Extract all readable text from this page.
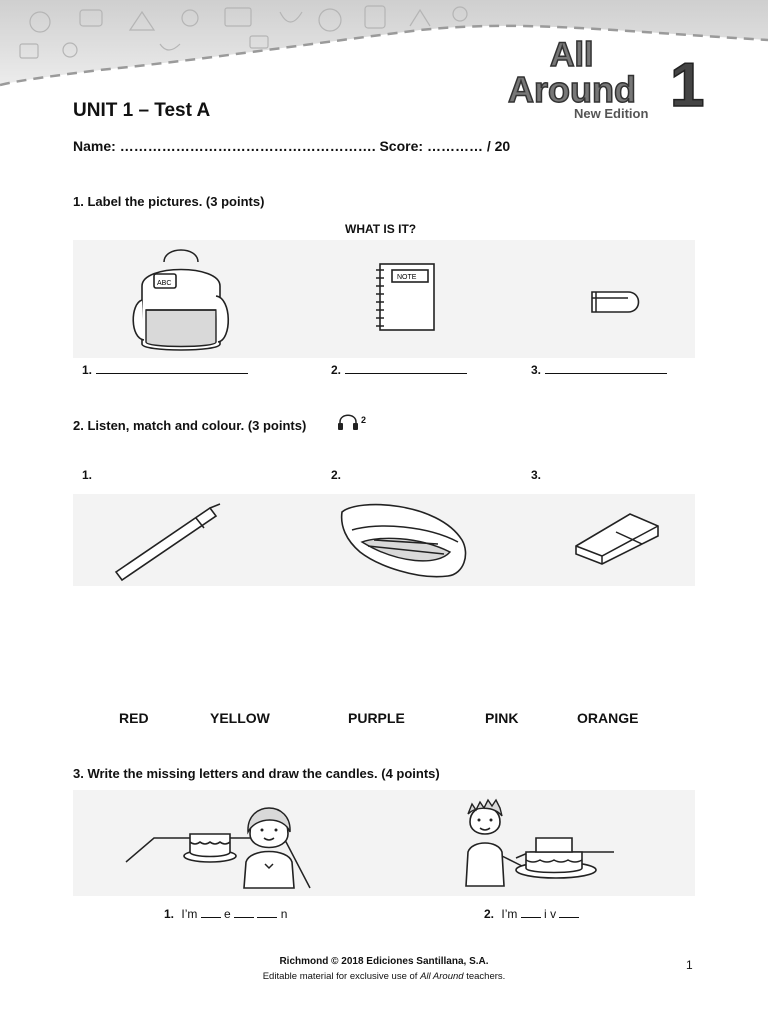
All
Around 1
New Edition
UNIT 1 – Test A
Name: ………………………………………………. Score: ………… / 20
1. Label the pictures. (3 points)
WHAT IS IT?
ABC
NOTE
1.	2.	3.
2. Listen, match and colour. (3 points)	2
1.	2.	3.
RED	YELLOW	PURPLE	PINK	ORANGE
3. Write the missing letters and draw the candles. (4 points)
1. I’m e	n	2. I’m i v
Richmond © 2018 Ediciones Santillana, S.A.
Editable material for exclusive use of All Around teachers.
1
